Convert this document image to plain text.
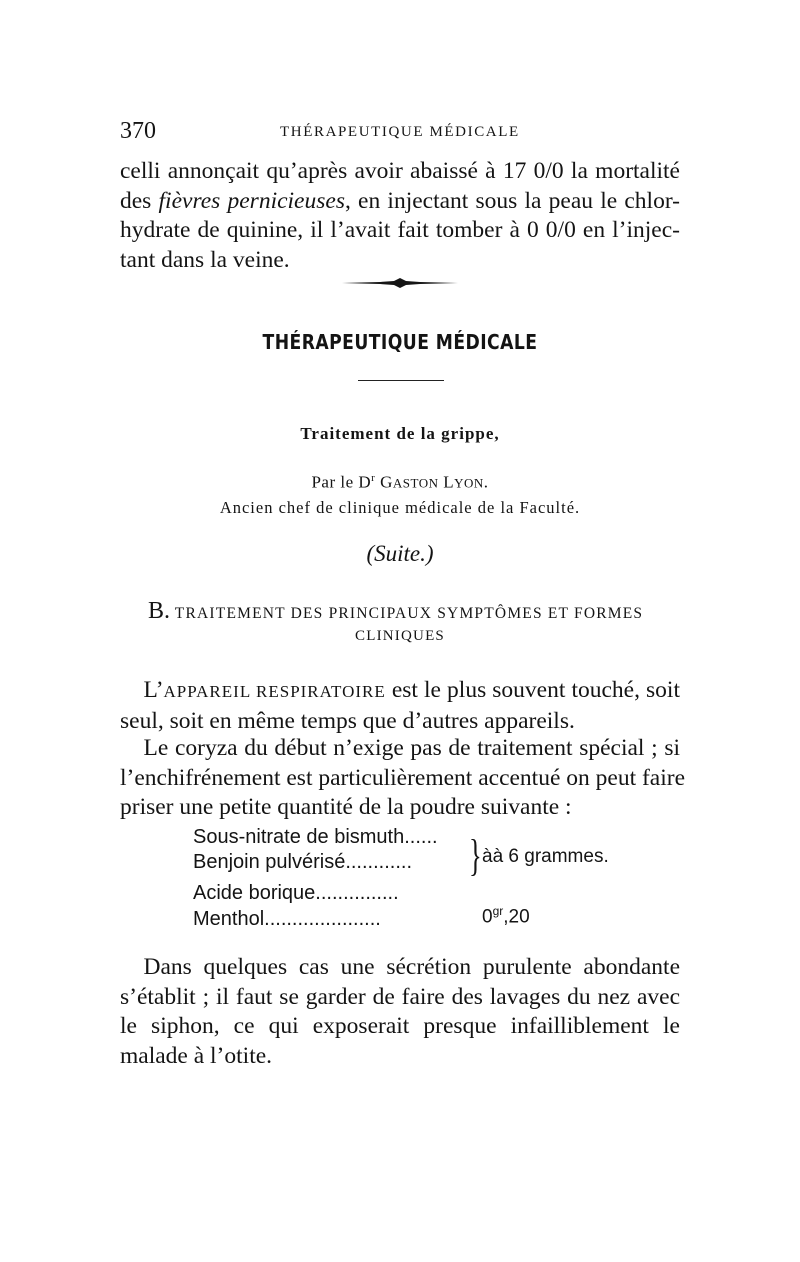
370	THÉRAPEUTIQUE MÉDICALE
celli annonçait qu’après avoir abaissé à 17 0/0 la mortalité
des fièvres pernicieuses, en injectant sous la peau le chlor-
hydrate de quinine, il l’avait fait tomber à 0 0/0 en l’injec-
tant dans la veine.
THÉRAPEUTIQUE MÉDICALE
Traitement de la grippe,
Par le $D^r$ GASTON LYON.
Ancien chef de clinique médicale de la Faculté.
(Suite.)
B. TRAITEMENT DES PRINCIPAUX SYMPTÔMES ET FORMES
CLINIQUES
 L’APPAREIL RESPIRATOIRE est le plus souvent touché, soit
seul, soit en même temps que d’autres appareils.
 Le coryza du début n’exige pas de traitement spécial ; si
l’enchifrénement est particulièrement accentué on peut faire
priser une petite quantité de la poudre suivante :
Sous-nitrate de bismuth......
Benjoin pulvérisé............
Acide borique...............
Menthol.....................
} àà 6 grammes.
$0^{gr},20$
 Dans quelques cas une sécrétion purulente abondante
s’établit ; il faut se garder de faire des lavages du nez avec
le siphon, ce qui exposerait presque infailliblement le
malade à l’otite.
